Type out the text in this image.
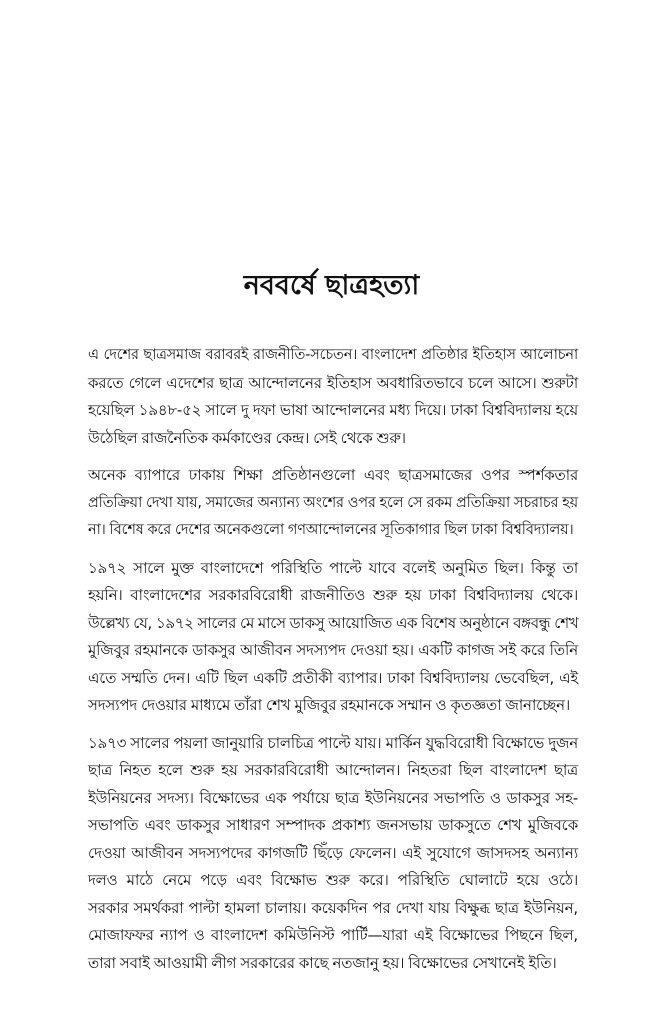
নববর্ষে ছাত্রহত্যা

এ দেশের ছাত্রসমাজ বরাবরই রাজনীতি-সচেতন। বাংলাদেশ প্রতিষ্ঠার ইতিহাস আলোচনা
করতে গেলে এদেশের ছাত্র আন্দোলনের ইতিহাস অবধারিতভাবে চলে আসে। শুরুটা
হয়েছিল ১৯৪৮-৫২ সালে দু দফা ভাষা আন্দোলনের মধ্য দিয়ে। ঢাকা বিশ্ববিদ্যালয় হয়ে
উঠেছিল রাজনৈতিক কর্মকাণ্ডের কেন্দ্র। সেই থেকে শুরু।

অনেক ব্যাপারে ঢাকায় শিক্ষা প্রতিষ্ঠানগুলো এবং ছাত্রসমাজের ওপর স্পর্শকতার
প্রতিক্রিয়া দেখা যায়, সমাজের অন্যান্য অংশের ওপর হলে সে রকম প্রতিক্রিয়া সচরাচর হয়
না। বিশেষ করে দেশের অনেকগুলো গণআন্দোলনের সূতিকাগার ছিল ঢাকা বিশ্ববিদ্যালয়।

১৯৭২ সালে মুক্ত বাংলাদেশে পরিস্থিতি পাল্টে যাবে বলেই অনুমিত ছিল। কিন্তু তা
হয়নি। বাংলাদেশের সরকারবিরোধী রাজনীতিও শুরু হয় ঢাকা বিশ্ববিদ্যালয় থেকে।
উল্লেখ্য যে, ১৯৭২ সালের মে মাসে ডাকসু আয়োজিত এক বিশেষ অনুষ্ঠানে বঙ্গবন্ধু শেখ
মুজিবুর রহমানকে ডাকসুর আজীবন সদস্যপদ দেওয়া হয়। একটি কাগজ সই করে তিনি
এতে সম্মতি দেন। এটি ছিল একটি প্রতীকী ব্যাপার। ঢাকা বিশ্ববিদ্যালয় ভেবেছিল, এই
সদস্যপদ দেওয়ার মাধ্যমে তাঁরা শেখ মুজিবুর রহমানকে সম্মান ও কৃতজ্ঞতা জানাচ্ছেন।

১৯৭৩ সালের পয়লা জানুয়ারি চালচিত্র পাল্টে যায়। মার্কিন যুদ্ধবিরোধী বিক্ষোভে দুজন
ছাত্র নিহত হলে শুরু হয় সরকারবিরোধী আন্দোলন। নিহতরা ছিল বাংলাদেশ ছাত্র
ইউনিয়নের সদস্য। বিক্ষোভের এক পর্যায়ে ছাত্র ইউনিয়নের সভাপতি ও ডাকসুর সহ-
সভাপতি এবং ডাকসুর সাধারণ সম্পাদক প্রকাশ্য জনসভায় ডাকসুতে শেখ মুজিবকে
দেওয়া আজীবন সদস্যপদের কাগজটি ছিঁড়ে ফেলেন। এই সুযোগে জাসদসহ অন্যান্য
দলও মাঠে নেমে পড়ে এবং বিক্ষোভ শুরু করে। পরিস্থিতি ঘোলাটে হয়ে ওঠে।
সরকার সমর্থকরা পাল্টা হামলা চালায়। কয়েকদিন পর দেখা যায় বিক্ষুব্ধ ছাত্র ইউনিয়ন,
মোজাফফর ন্যাপ ও বাংলাদেশ কমিউনিস্ট পার্টি—যারা এই বিক্ষোভের পিছনে ছিল,
তারা সবাই আওয়ামী লীগ সরকারের কাছে নতজানু হয়। বিক্ষোভের সেখানেই ইতি।
